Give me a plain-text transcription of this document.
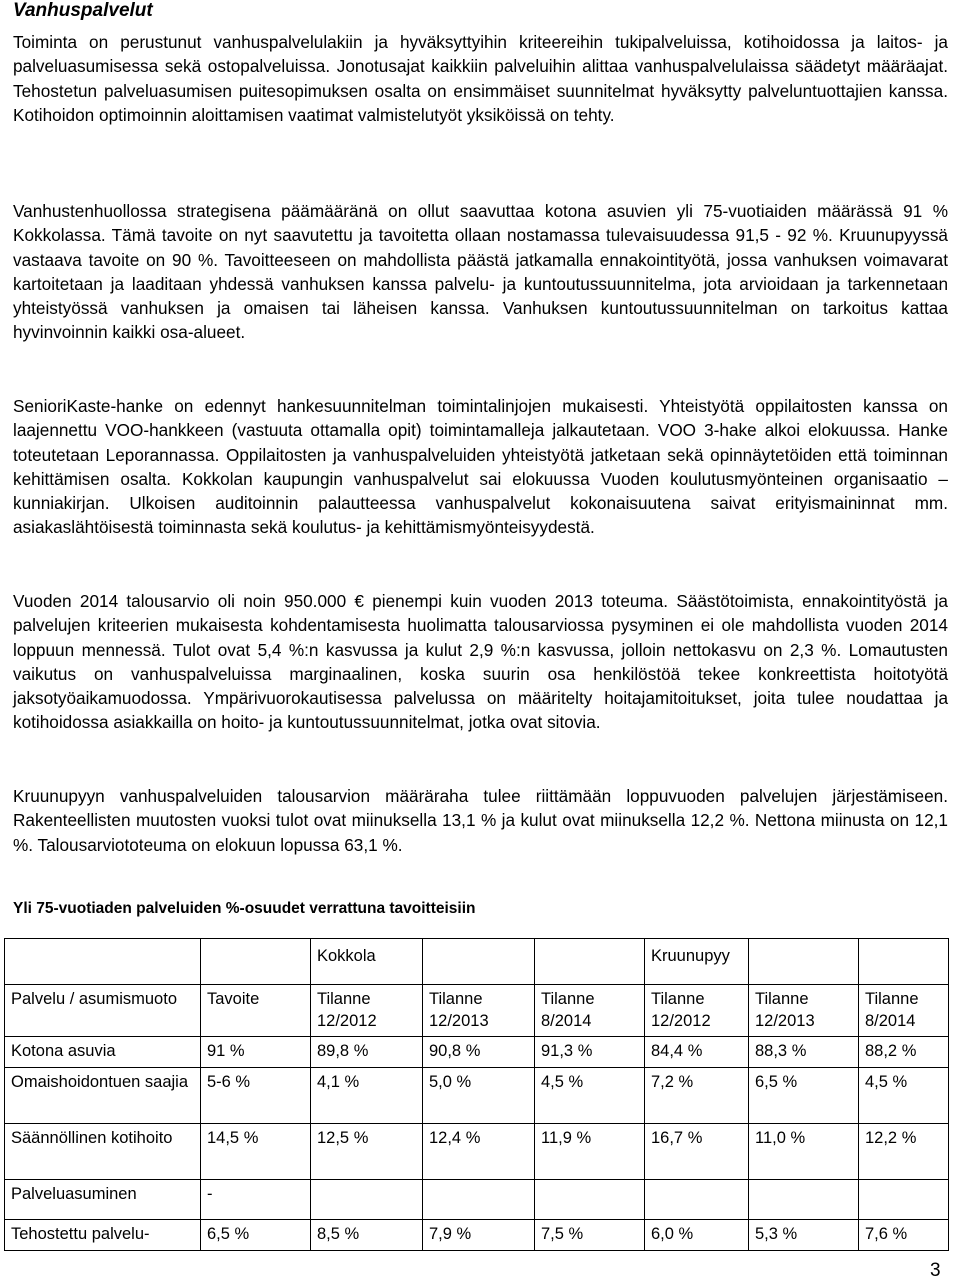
Vanhuspalvelut

Toiminta on perustunut vanhuspalvelulakiin ja hyväksyttyihin kriteereihin tukipalveluissa, kotihoidossa ja laitos- ja palveluasumisessa sekä ostopalveluissa. Jonotusajat kaikkiin palveluihin alittaa vanhuspalvelulaissa säädetyt määräajat. Tehostetun palveluasumisen puitesopimuksen osalta on ensimmäiset suunnitelmat hyväksytty palveluntuottajien kanssa. Kotihoidon optimoinnin aloittamisen vaatimat valmistelutyöt yksiköissä on tehty.

Vanhustenhuollossa strategisena päämääränä on ollut saavuttaa kotona asuvien yli 75-vuotiaiden määrässä 91 % Kokkolassa. Tämä tavoite on nyt saavutettu ja tavoitetta ollaan nostamassa tulevaisuudessa 91,5 - 92 %. Kruunupyyssä vastaava tavoite on 90 %. Tavoitteeseen on mahdollista päästä jatkamalla ennakointityötä, jossa vanhuksen voimavarat kartoitetaan ja laaditaan yhdessä vanhuksen kanssa palvelu- ja kuntoutussuunnitelma, jota arvioidaan ja tarkennetaan yhteistyössä vanhuksen ja omaisen tai läheisen kanssa. Vanhuksen kuntoutussuunnitelman on tarkoitus kattaa hyvinvoinnin kaikki osa-alueet.

SenioriKaste-hanke on edennyt hankesuunnitelman toimintalinjojen mukaisesti. Yhteistyötä oppilaitosten kanssa on laajennettu VOO-hankkeen (vastuuta ottamalla opit) toimintamalleja jalkautetaan. VOO 3-hake alkoi elokuussa. Hanke toteutetaan Leporannassa. Oppilaitosten ja vanhuspalveluiden yhteistyötä jatketaan sekä opinnäytetöiden että toiminnan kehittämisen osalta. Kokkolan kaupungin vanhuspalvelut sai elokuussa Vuoden koulutusmyönteinen organisaatio – kunniakirjan. Ulkoisen auditoinnin palautteessa vanhuspalvelut kokonaisuutena saivat erityismaininnat mm. asiakaslähtöisestä toiminnasta sekä koulutus- ja kehittämismyönteisyydestä.

Vuoden 2014 talousarvio oli noin 950.000 € pienempi kuin vuoden 2013 toteuma. Säästötoimista, ennakointityöstä ja palvelujen kriteerien mukaisesta kohdentamisesta huolimatta talousarviossa pysyminen ei ole mahdollista vuoden 2014 loppuun mennessä. Tulot ovat 5,4 %:n kasvussa ja kulut 2,9 %:n kasvussa, jolloin nettokasvu on 2,3 %. Lomautusten vaikutus on vanhuspalveluissa marginaalinen, koska suurin osa henkilöstöä tekee konkreettista hoitotyötä jaksotyöaikamuodossa. Ympärivuorokautisessa palvelussa on määritelty hoitajamitoitukset, joita tulee noudattaa ja kotihoidossa asiakkailla on hoito- ja kuntoutussuunnitelmat, jotka ovat sitovia.

Kruunupyyn vanhuspalveluiden talousarvion määräraha tulee riittämään loppuvuoden palvelujen järjestämiseen. Rakenteellisten muutosten vuoksi tulot ovat miinuksella 13,1 % ja kulut ovat miinuksella 12,2 %. Nettona miinusta on 12,1 %. Talousarviototeuma on elokuun lopussa 63,1 %.

Yli 75-vuotiaden palveluiden %-osuudet verrattuna tavoitteisiin

		Kokkola			Kruunupyy		
Palvelu / asumismuoto	Tavoite	Tilanne 12/2012	Tilanne 12/2013	Tilanne 8/2014	Tilanne 12/2012	Tilanne 12/2013	Tilanne 8/2014
Kotona asuvia	91 %	89,8 %	90,8 %	91,3 %	84,4 %	88,3 %	88,2 %
Omaishoidontuen saajia	5-6 %	4,1 %	5,0 %	4,5 %	7,2 %	6,5 %	4,5 %
Säännöllinen kotihoito	14,5 %	12,5 %	12,4 %	11,9 %	16,7 %	11,0 %	12,2 %
Palveluasuminen	-						
Tehostettu palvelu-	6,5 %	8,5 %	7,9 %	7,5 %	6,0 %	5,3 %	7,6 %
3
